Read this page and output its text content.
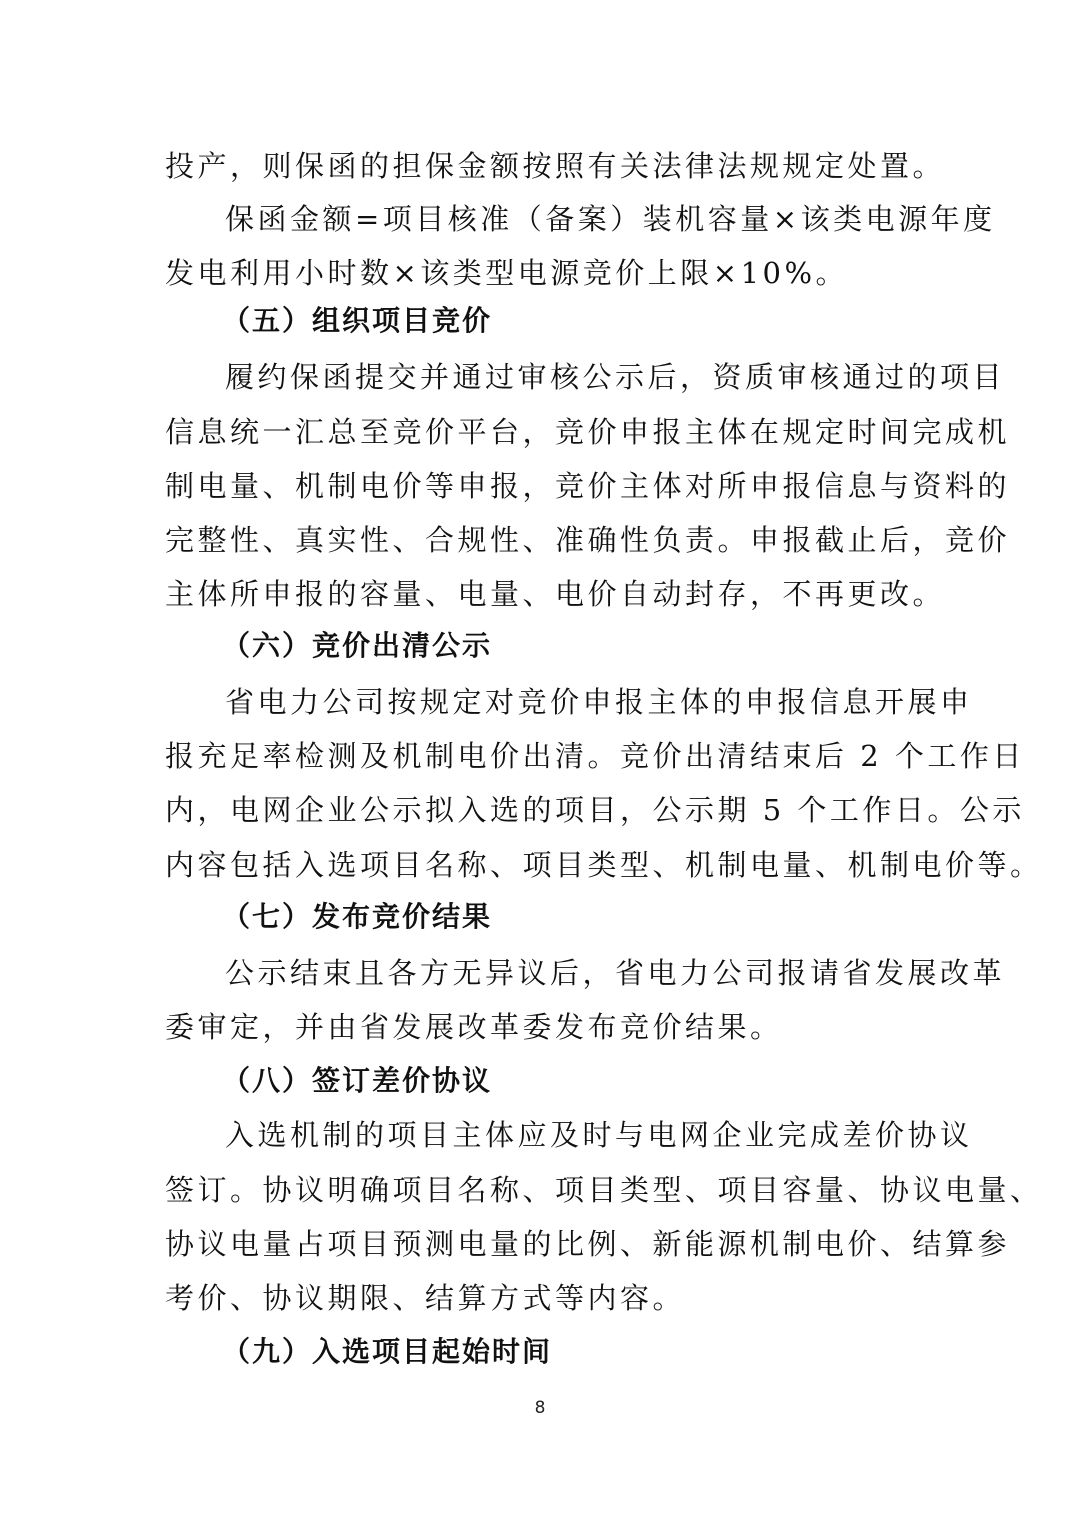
投产，则保函的担保金额按照有关法律法规规定处置。
保函金额=项目核准（备案）装机容量×该类电源年度
发电利用小时数×该类型电源竞价上限×10%。
（五）组织项目竞价
履约保函提交并通过审核公示后，资质审核通过的项目
信息统一汇总至竞价平台，竞价申报主体在规定时间完成机
制电量、机制电价等申报，竞价主体对所申报信息与资料的
完整性、真实性、合规性、准确性负责。申报截止后，竞价
主体所申报的容量、电量、电价自动封存，不再更改。
（六）竞价出清公示
省电力公司按规定对竞价申报主体的申报信息开展申
报充足率检测及机制电价出清。竞价出清结束后 2 个工作日
内，电网企业公示拟入选的项目，公示期 5 个工作日。公示
内容包括入选项目名称、项目类型、机制电量、机制电价等。
（七）发布竞价结果
公示结束且各方无异议后，省电力公司报请省发展改革
委审定，并由省发展改革委发布竞价结果。
（八）签订差价协议
入选机制的项目主体应及时与电网企业完成差价协议
签订。协议明确项目名称、项目类型、项目容量、协议电量、
协议电量占项目预测电量的比例、新能源机制电价、结算参
考价、协议期限、结算方式等内容。
（九）入选项目起始时间
8
